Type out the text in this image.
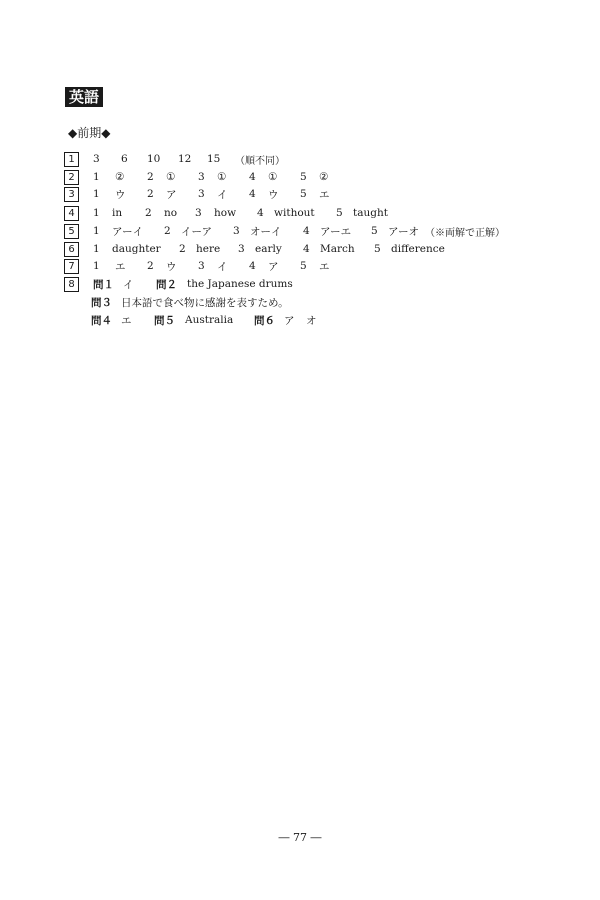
英語
◆前期◆
1	3	6	10	12	15	（順不同）
2	1	②	2	①	3	①	4	①	5	②
3	1	ウ	2	ア	3	イ	4	ウ	5	エ
4	1	in	2	no	3	how	4 without	5 taught
5	1	アーイ	2 イーア	3 オーイ	4 アーエ	5 アーオ （※両解で正解）
6	1	daughter	2 here	3 early	4 March	5 difference
7	1	エ	2	ウ	3	イ	4	ア	5	エ
8	問１ イ	問２ the Japanese drums
問３ 日本語で食べ物に感謝を表すため。
問４ エ	問５ Australia	問６ ア	オ
― 77 ―
